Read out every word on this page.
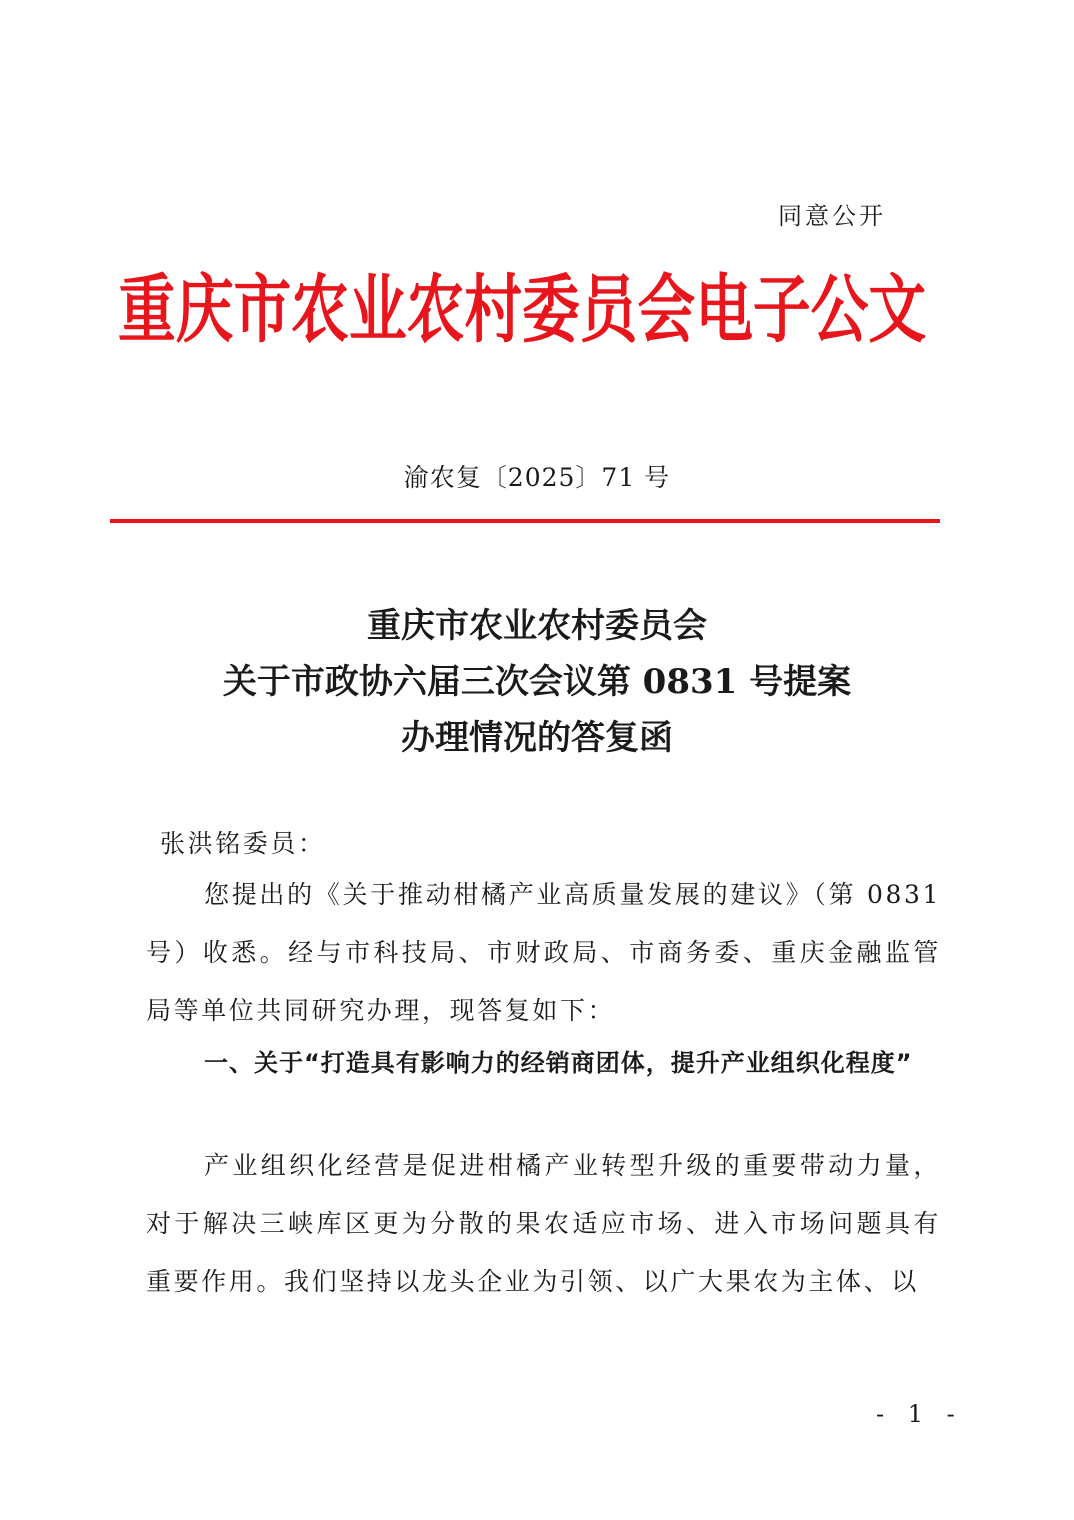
同意公开
重庆市农业农村委员会电子公文
渝农复〔2025〕71 号
重庆市农业农村委员会
关于市政协六届三次会议第 0831 号提案
办理情况的答复函
张洪铭委员：
您提出的《关于推动柑橘产业高质量发展的建议》（第 0831 号）收悉。经与市科技局、市财政局、市商务委、重庆金融监管局等单位共同研究办理，现答复如下：
一、关于“打造具有影响力的经销商团体，提升产业组织化程度”
产业组织化经营是促进柑橘产业转型升级的重要带动力量，对于解决三峡库区更为分散的果农适应市场、进入市场问题具有重要作用。我们坚持以龙头企业为引领、以广大果农为主体、以
- 1 -
